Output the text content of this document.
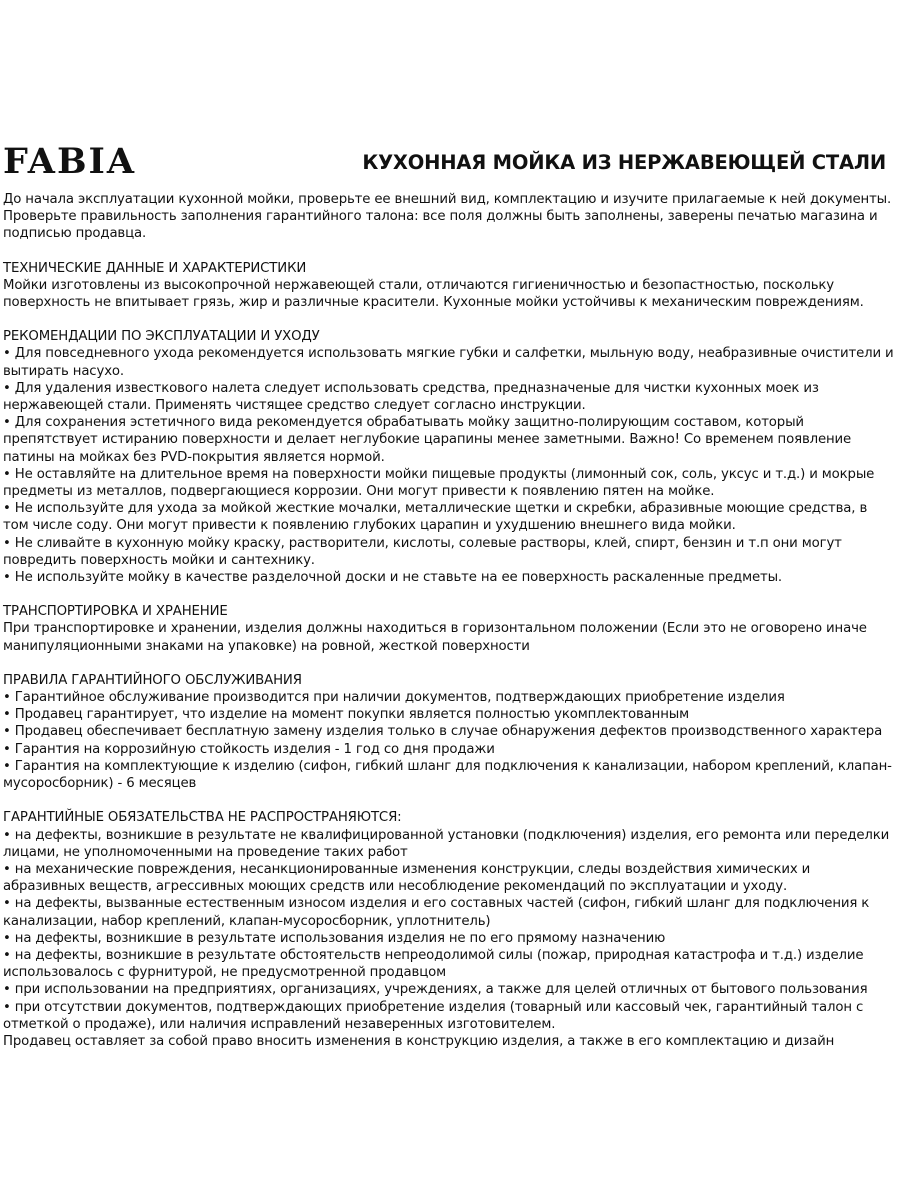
FABIA	КУХОННАЯ МОЙКА ИЗ НЕРЖАВЕЮЩЕЙ СТАЛИ

До начала эксплуатации кухонной мойки, проверьте ее внешний вид, комплектацию и изучите прилагаемые к ней документы. Проверьте правильность заполнения гарантийного талона: все поля должны быть заполнены, заверены печатью магазина и подписью продавца.

ТЕХНИЧЕСКИЕ ДАННЫЕ И ХАРАКТЕРИСТИКИ

Мойки изготовлены из высокопрочной нержавеющей стали, отличаются гигиеничностью и безопастностью, поскольку поверхность не впитывает грязь, жир и различные красители. Кухонные мойки устойчивы к механическим повреждениям.

РЕКОМЕНДАЦИИ ПО ЭКСПЛУАТАЦИИ И УХОДУ

• Для повседневного ухода рекомендуется использовать мягкие губки и салфетки, мыльную воду, неабразивные очистители и вытирать насухо.

• Для удаления известкового налета следует использовать средства, предназначеные для чистки кухонных моек из нержавеющей стали. Применять чистящее средство следует согласно инструкции.

• Для сохранения эстетичного вида рекомендуется обрабатывать мойку защитно-полирующим составом, который препятствует истиранию поверхности и делает неглубокие царапины менее заметными. Важно! Со временем появление патины на мойках без PVD-покрытия является нормой.

• Не оставляйте на длительное время на поверхности мойки пищевые продукты (лимонный сок, соль, уксус и т.д.) и мокрые предметы из металлов, подвергающиеся коррозии. Они могут привести к появлению пятен на мойке.

• Не используйте для ухода за мойкой жесткие мочалки, металлические щетки и скребки, абразивные моющие средства, в том числе соду. Они могут привести к появлению глубоких царапин и ухудшению внешнего вида мойки.

• Не сливайте в кухонную мойку краску, растворители, кислоты, солевые растворы, клей, спирт, бензин и т.п они могут повредить поверхность мойки и сантехнику.

• Не используйте мойку в качестве разделочной доски и не ставьте на ее поверхность раскаленные предметы.

ТРАНСПОРТИРОВКА И ХРАНЕНИЕ

При транспортировке и хранении, изделия должны находиться в горизонтальном положении (Если это не оговорено иначе манипуляционными знаками на упаковке) на ровной, жесткой поверхности

ПРАВИЛА ГАРАНТИЙНОГО ОБСЛУЖИВАНИЯ

• Гарантийное обслуживание производится при наличии документов, подтверждающих приобретение изделия

• Продавец гарантирует, что изделие на момент покупки является полностью укомплектованным

• Продавец обеспечивает бесплатную замену изделия только в случае обнаружения дефектов производственного характера

• Гарантия на коррозийную стойкость изделия - 1 год со дня продажи

• Гарантия на комплектующие к изделию (сифон, гибкий шланг для подключения к канализации, набором креплений, клапан-мусоросборник) - 6 месяцев

ГАРАНТИЙНЫЕ ОБЯЗАТЕЛЬСТВА НЕ РАСПРОСТРАНЯЮТСЯ:

• на дефекты, возникшие в результате не квалифицированной установки (подключения) изделия, его ремонта или переделки лицами, не уполномоченными на проведение таких работ

• на механические повреждения, несанкционированные изменения конструкции, следы воздействия химических и абразивных веществ, агрессивных моющих средств или несоблюдение рекомендаций по эксплуатации и уходу.

• на дефекты, вызванные естественным износом изделия и его составных частей (сифон, гибкий шланг для подключения к канализации, набор креплений, клапан-мусоросборник, уплотнитель)

• на дефекты, возникшие в результате использования изделия не по его прямому назначению

• на дефекты, возникшие в результате обстоятельств непреодолимой силы (пожар, природная катастрофа и т.д.) изделие использовалось с фурнитурой, не предусмотренной продавцом

• при использовании на предприятиях, организациях, учреждениях, а также для целей отличных от бытового пользования

• при отсутствии документов, подтверждающих приобретение изделия (товарный или кассовый чек, гарантийный талон с отметкой о продаже), или наличия исправлений незаверенных изготовителем.

Продавец оставляет за собой право вносить изменения в конструкцию изделия, а также в его комплектацию и дизайн
